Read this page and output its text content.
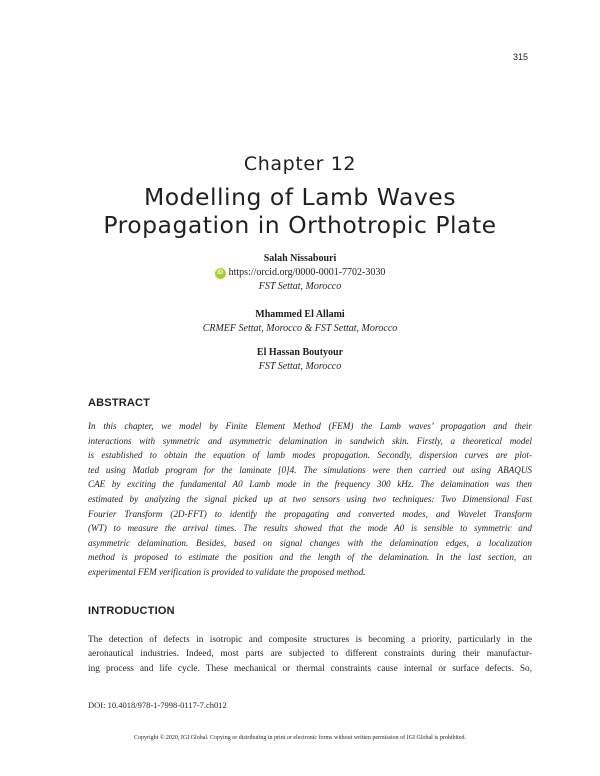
315
Chapter 12
Modelling of Lamb Waves
Propagation in Orthotropic Plate
Salah Nissabouri
iD https://orcid.org/0000-0001-7702-3030
FST Settat, Morocco
Mhammed El Allami
CRMEF Settat, Morocco & FST Settat, Morocco
El Hassan Boutyour
FST Settat, Morocco
ABSTRACT
In this chapter, we model by Finite Element Method (FEM) the Lamb waves’ propagation and their
interactions with symmetric and asymmetric delamination in sandwich skin. Firstly, a theoretical model
is established to obtain the equation of lamb modes propagation. Secondly, dispersion curves are plot-
ted using Matlab program for the laminate [0]4. The simulations were then carried out using ABAQUS
CAE by exciting the fundamental A0 Lamb mode in the frequency 300 kHz. The delamination was then
estimated by analyzing the signal picked up at two sensors using two techniques: Two Dimensional Fast
Fourier Transform (2D-FFT) to identify the propagating and converted modes, and Wavelet Transform
(WT) to measure the arrival times. The results showed that the mode A0 is sensible to symmetric and
asymmetric delamination. Besides, based on signal changes with the delamination edges, a localization
method is proposed to estimate the position and the length of the delamination. In the last section, an
experimental FEM verification is provided to validate the proposed method.
INTRODUCTION
The detection of defects in isotropic and composite structures is becoming a priority, particularly in the
aeronautical industries. Indeed, most parts are subjected to different constraints during their manufactur-
ing process and life cycle. These mechanical or thermal constraints cause internal or surface defects. So,
DOI: 10.4018/978-1-7998-0117-7.ch012
Copyright © 2020, IGI Global. Copying or distributing in print or electronic forms without written permission of IGI Global is prohibited.
